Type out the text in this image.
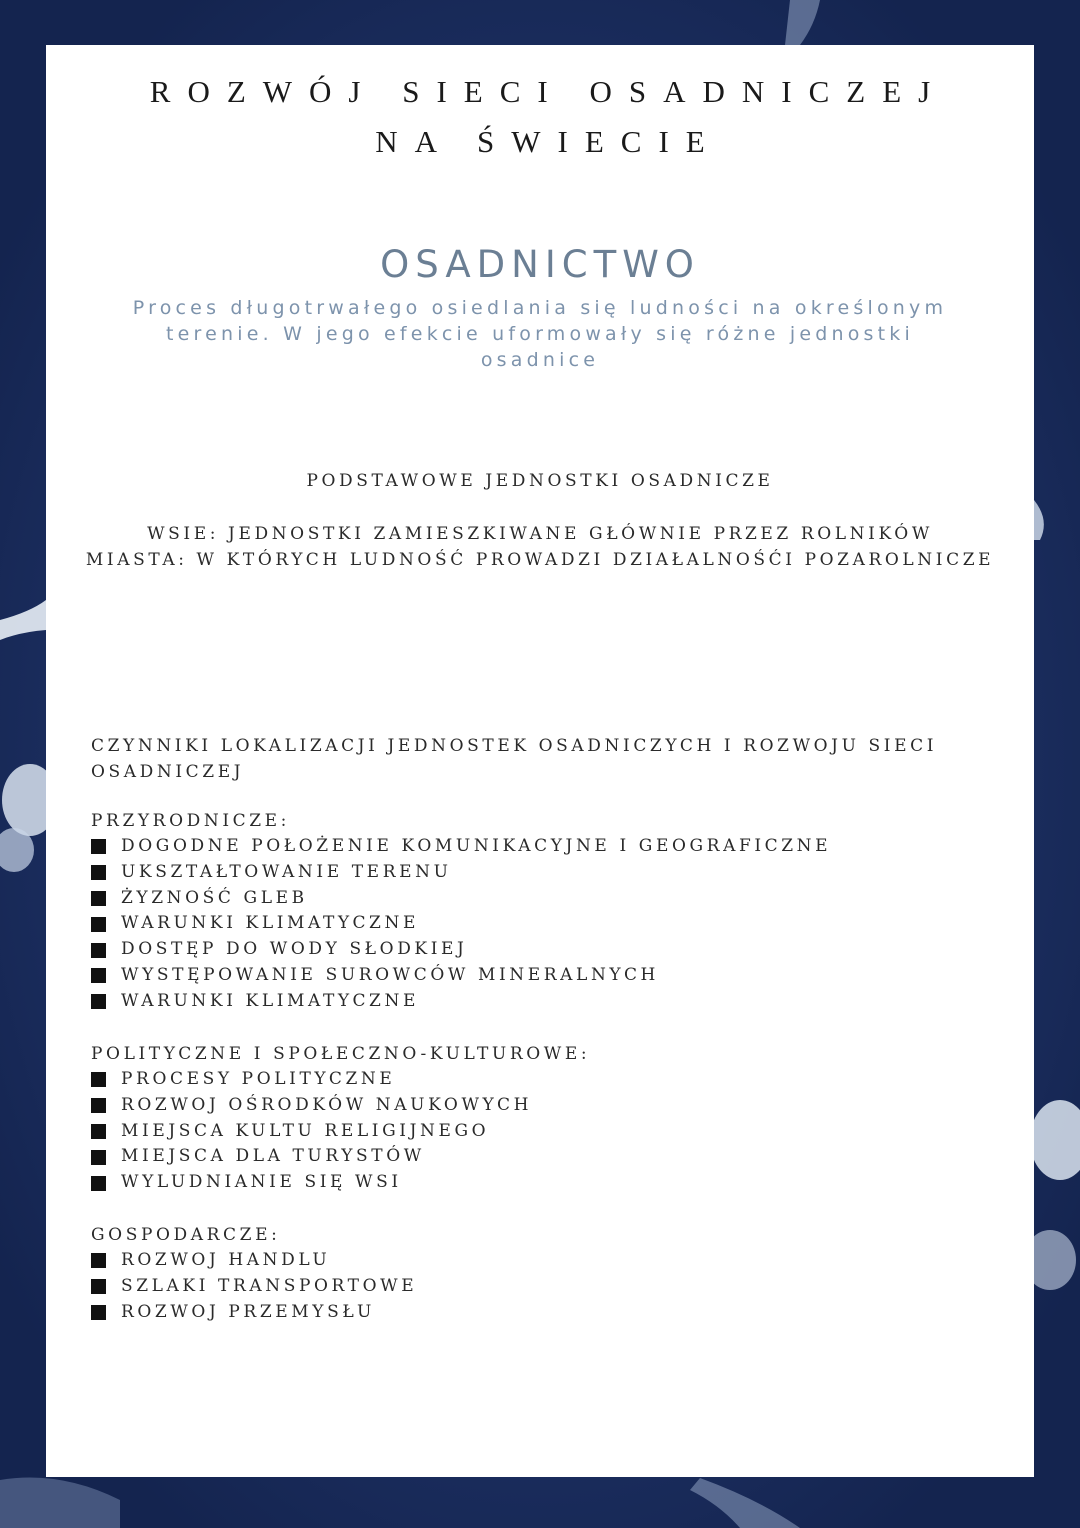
ROZWÓJ SIECI OSADNICZEJ
NA ŚWIECIE
OSADNICTWO

Proces długotrwałego osiedlania się ludności na określonym terenie. W jego efekcie uformowały się różne jednostki osadnice

PODSTAWOWE JEDNOSTKI OSADNICZE

WSIE: JEDNOSTKI ZAMIESZKIWANE GŁÓWNIE PRZEZ ROLNIKÓW
MIASTA: W KTÓRYCH LUDNOŚĆ PROWADZI DZIAŁALNOŚĆI POZAROLNICZE

CZYNNIKI LOKALIZACJI JEDNOSTEK OSADNICZYCH I ROZWOJU SIECI OSADNICZEJ

PRZYRODNICZE:

DOGODNE POŁOŻENIE KOMUNIKACYJNE I GEOGRAFICZNE
UKSZTAŁTOWANIE TERENU
ŻYZNOŚĆ GLEB
WARUNKI KLIMATYCZNE
DOSTĘP DO WODY SŁODKIEJ
WYSTĘPOWANIE SUROWCÓW MINERALNYCH
WARUNKI KLIMATYCZNE

POLITYCZNE I SPOŁECZNO-KULTUROWE:

PROCESY POLITYCZNE
ROZWOJ OŚRODKÓW NAUKOWYCH
MIEJSCA KULTU RELIGIJNEGO
MIEJSCA DLA TURYSTÓW
WYLUDNIANIE SIĘ WSI

GOSPODARCZE:

ROZWOJ HANDLU
SZLAKI TRANSPORTOWE
ROZWOJ PRZEMYSŁU
